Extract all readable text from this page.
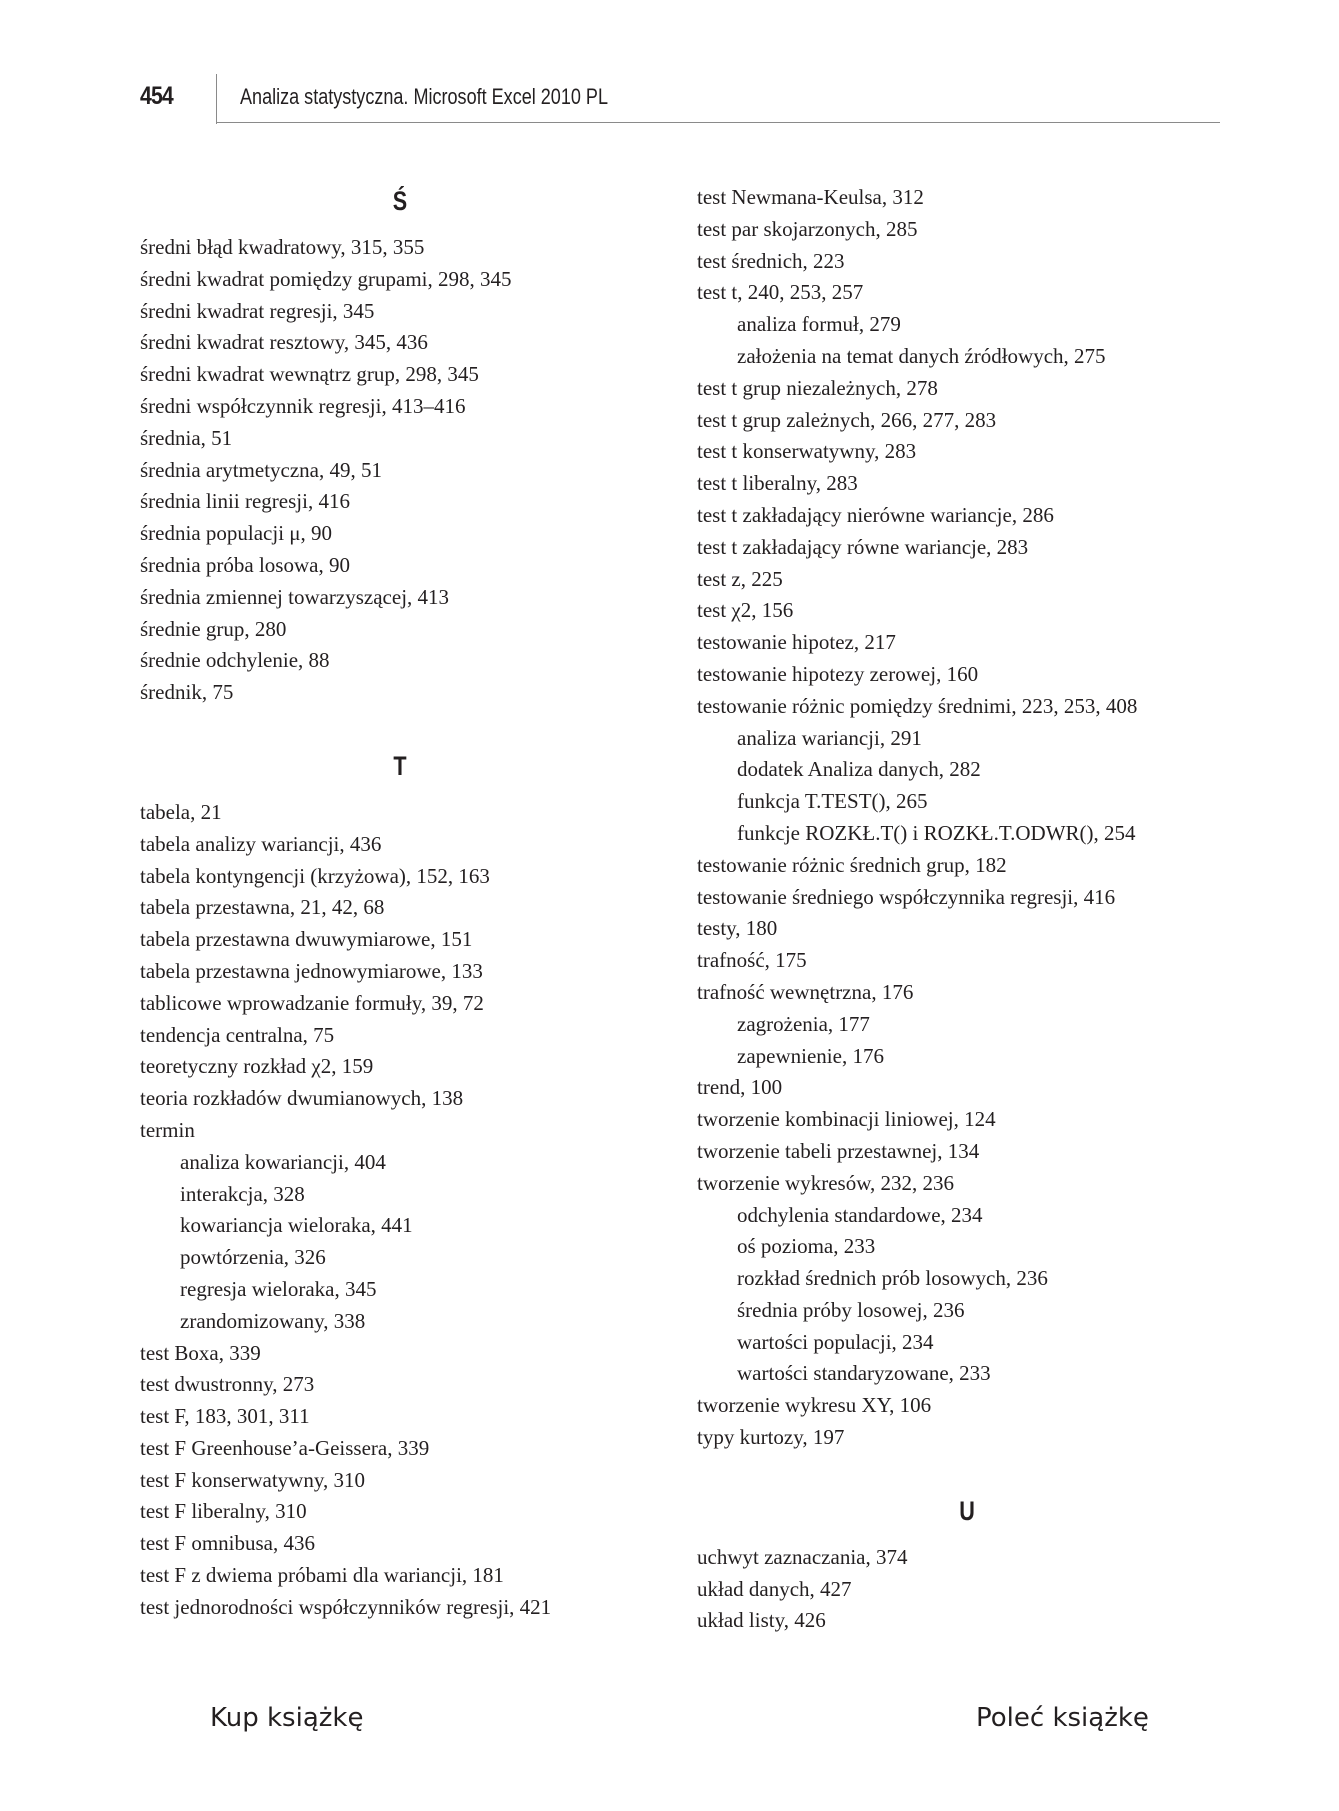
454	Analiza statystyczna. Microsoft Excel 2010 PL
Ś
średni błąd kwadratowy, 315, 355
średni kwadrat pomiędzy grupami, 298, 345
średni kwadrat regresji, 345
średni kwadrat resztowy, 345, 436
średni kwadrat wewnątrz grup, 298, 345
średni współczynnik regresji, 413–416
średnia, 51
średnia arytmetyczna, 49, 51
średnia linii regresji, 416
średnia populacji μ, 90
średnia próba losowa, 90
średnia zmiennej towarzyszącej, 413
średnie grup, 280
średnie odchylenie, 88
średnik, 75
T
tabela, 21
tabela analizy wariancji, 436
tabela kontyngencji (krzyżowa), 152, 163
tabela przestawna, 21, 42, 68
tabela przestawna dwuwymiarowe, 151
tabela przestawna jednowymiarowe, 133
tablicowe wprowadzanie formuły, 39, 72
tendencja centralna, 75
teoretyczny rozkład χ2, 159
teoria rozkładów dwumianowych, 138
termin
analiza kowariancji, 404
interakcja, 328
kowariancja wieloraka, 441
powtórzenia, 326
regresja wieloraka, 345
zrandomizowany, 338
test Boxa, 339
test dwustronny, 273
test F, 183, 301, 311
test F Greenhouse’a-Geissera, 339
test F konserwatywny, 310
test F liberalny, 310
test F omnibusa, 436
test F z dwiema próbami dla wariancji, 181
test jednorodności współczynników regresji, 421
test Newmana-Keulsa, 312
test par skojarzonych, 285
test średnich, 223
test t, 240, 253, 257
analiza formuł, 279
założenia na temat danych źródłowych, 275
test t grup niezależnych, 278
test t grup zależnych, 266, 277, 283
test t konserwatywny, 283
test t liberalny, 283
test t zakładający nierówne wariancje, 286
test t zakładający równe wariancje, 283
test z, 225
test χ2, 156
testowanie hipotez, 217
testowanie hipotezy zerowej, 160
testowanie różnic pomiędzy średnimi, 223, 253, 408
analiza wariancji, 291
dodatek Analiza danych, 282
funkcja T.TEST(), 265
funkcje ROZKŁ.T() i ROZKŁ.T.ODWR(), 254
testowanie różnic średnich grup, 182
testowanie średniego współczynnika regresji, 416
testy, 180
trafność, 175
trafność wewnętrzna, 176
zagrożenia, 177
zapewnienie, 176
trend, 100
tworzenie kombinacji liniowej, 124
tworzenie tabeli przestawnej, 134
tworzenie wykresów, 232, 236
odchylenia standardowe, 234
oś pozioma, 233
rozkład średnich prób losowych, 236
średnia próby losowej, 236
wartości populacji, 234
wartości standaryzowane, 233
tworzenie wykresu XY, 106
typy kurtozy, 197
U
uchwyt zaznaczania, 374
układ danych, 427
układ listy, 426
Kup książkę	Poleć książkę
